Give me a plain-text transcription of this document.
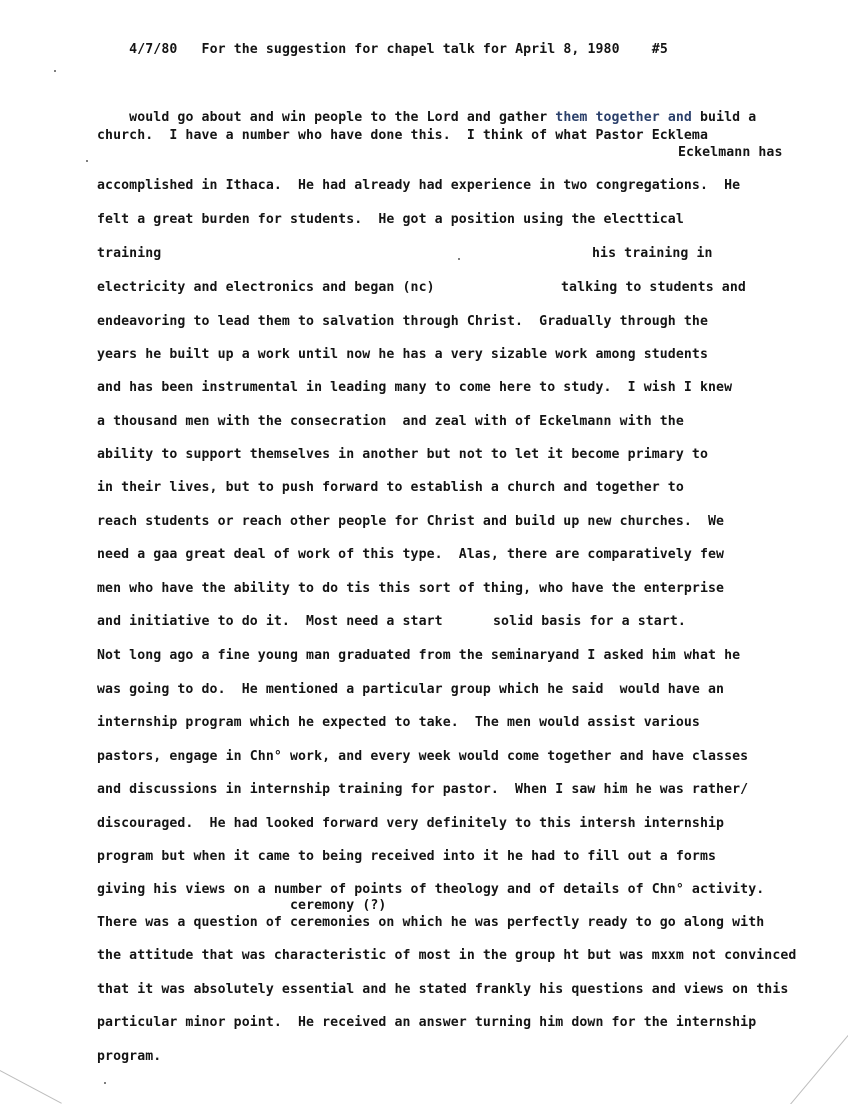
4/7/80 For the suggestion for chapel talk for April 8, 1980 #5

would go about and win people to the Lord and gather them together and build a

church.  I have a number who have done this.  I think of what Pastor Ecklema
Eckelmann has
accomplished in Ithaca.  He had already had experience in two congregations.  He
felt a great burden for students.  He got a position using the electtical
training	his training in
electricity and electronics and began (nc)	talking to students and
endeavoring to lead them to salvation through Christ.  Gradually through the
years he built up a work until now he has a very sizable work among students
and has been instrumental in leading many to come here to study.  I wish I knew
a thousand men with the consecration  and zeal with of Eckelmann with the
ability to support themselves in another but not to let it become primary to
in their lives, but to push forward to establish a church and together to
reach students or reach other people for Christ and build up new churches.  We
need a gaa great deal of work of this type.  Alas, there are comparatively few
men who have the ability to do tis this sort of thing, who have the enterprise
and initiative to do it.  Most need a start	solid basis for a start.
Not long ago a fine young man graduated from the seminaryand I asked him what he
was going to do.  He mentioned a particular group which he said  would have an
internship program which he expected to take.  The men would assist various
pastors, engage in Chn° work, and every week would come together and have classes
and discussions in internship training for pastor.  When I saw him he was rather/
discouraged.  He had looked forward very definitely to this intersh internship
program but when it came to being received into it he had to fill out a forms
giving his views on a number of points of theology and of details of Chn° activity.
ceremony (?)
There was a question of ceremonies on which he was perfectly ready to go along with
the attitude that was characteristic of most in the group ht but was mxxm not convinced
that it was absolutely essential and he stated frankly his questions and views on this
particular minor point.  He received an answer turning him down for the internship
program.
